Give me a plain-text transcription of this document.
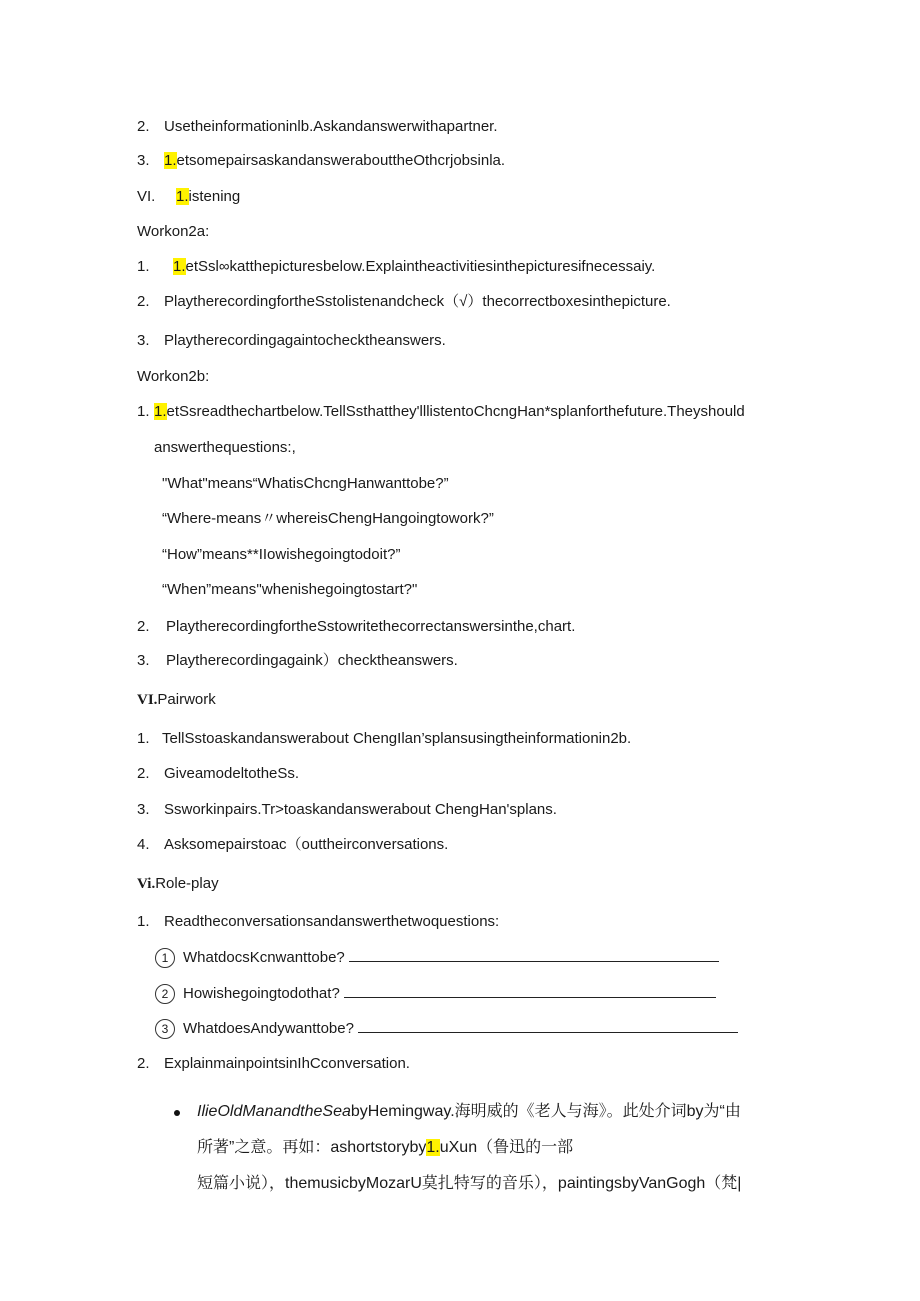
2. Usetheinformationinlb.Askandanswerwithapartner.
3. 1.etsomepairsaskandanswerabouttheOthcrjobsinla.
VI. 1.istening
Workon2a:
1. 1.etSsl∞katthepicturesbelow.Explaintheactivitiesinthepicturesifnecessaiy.
2. PlaytherecordingfortheSstolistenandcheck（√）thecorrectboxesinthepicture.
3. Playtherecordingagaintochecktheanswers.
Workon2b:
1. 1.etSsreadthechartbelow.TellSsthatthey'lllistentoChcngHan*splanforthefuture.Theyshould
answerthequestions:,
"What"means“WhatisChcngHanwanttobe?”
“Where-means〃whereisChengHangoingtowork?”
“How”means**IIowishegoingtodoit?”
“When”means''whenishegoingtostart?"
2. PlaytherecordingfortheSstowritethecorrectanswersinthe,chart.
3. Playtherecordingagaink）checktheanswers.
VI.Pairwork
1. TellSstoaskandanswerabout ChengIlan’splansusingtheinformationin2b.
2. GiveamodeltotheSs.
3. Ssworkinpairs.Tr>toaskandanswerabout ChengHan'splans.
4. Asksomepairstoac（outtheirconversations.
Vi.Role-play
1. Readtheconversationsandanswerthetwoquestions:
1 WhatdocsKcnwanttobe?
2 Howishegoingtodothat?
3 WhatdoesAndywanttobe?
2. ExplainmainpointsinIhCconversation.
IlieOldManandtheSeabyHemingway.海明威的《老人与海》。此处介词by为“由
所著”之意。再如：ashortstoryby1.uXun（鲁迅的一部
短篇小说），themusicbyMozarU莫扎特写的音乐），paintingsbyVanGogh（梵|
